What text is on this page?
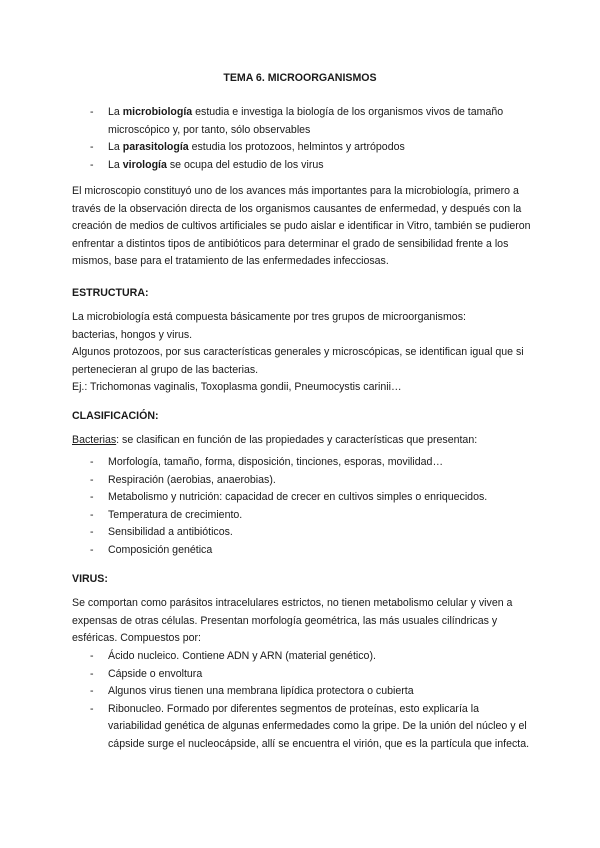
TEMA 6. MICROORGANISMOS
- La microbiología estudia e investiga la biología de los organismos vivos de tamaño microscópico y, por tanto, sólo observables
- La parasitología estudia los protozoos, helmintos y artrópodos
- La virología se ocupa del estudio de los virus

El microscopio constituyó uno de los avances más importantes para la microbiología, primero a través de la observación directa de los organismos causantes de enfermedad, y después con la creación de medios de cultivos artificiales se pudo aislar e identificar in Vitro, también se pudieron enfrentar a distintos tipos de antibióticos para determinar el grado de sensibilidad frente a los mismos, base para el tratamiento de las enfermedades infecciosas.

ESTRUCTURA:

La microbiología está compuesta básicamente por tres grupos de microorganismos:

bacterias, hongos y virus.

Algunos protozoos, por sus características generales y microscópicas, se identifican igual que si pertenecieran al grupo de las bacterias.

Ej.: Trichomonas vaginalis, Toxoplasma gondii, Pneumocystis carinii…

CLASIFICACIÓN:

Bacterias: se clasifican en función de las propiedades y características que presentan:

- Morfología, tamaño, forma, disposición, tinciones, esporas, movilidad…
- Respiración (aerobias, anaerobias).
- Metabolismo y nutrición: capacidad de crecer en cultivos simples o enriquecidos.
- Temperatura de crecimiento.
- Sensibilidad a antibióticos.
- Composición genética

VIRUS:

Se comportan como parásitos intracelulares estrictos, no tienen metabolismo celular y viven a expensas de otras células. Presentan morfología geométrica, las más usuales cilíndricas y esféricas. Compuestos por:

- Ácido nucleico. Contiene ADN y ARN (material genético).
- Cápside o envoltura
- Algunos virus tienen una membrana lipídica protectora o cubierta
- Ribonucleo. Formado por diferentes segmentos de proteínas, esto explicaría la variabilidad genética de algunas enfermedades como la gripe. De la unión del núcleo y el cápside surge el nucleocápside, allí se encuentra el virión, que es la partícula que infecta.
